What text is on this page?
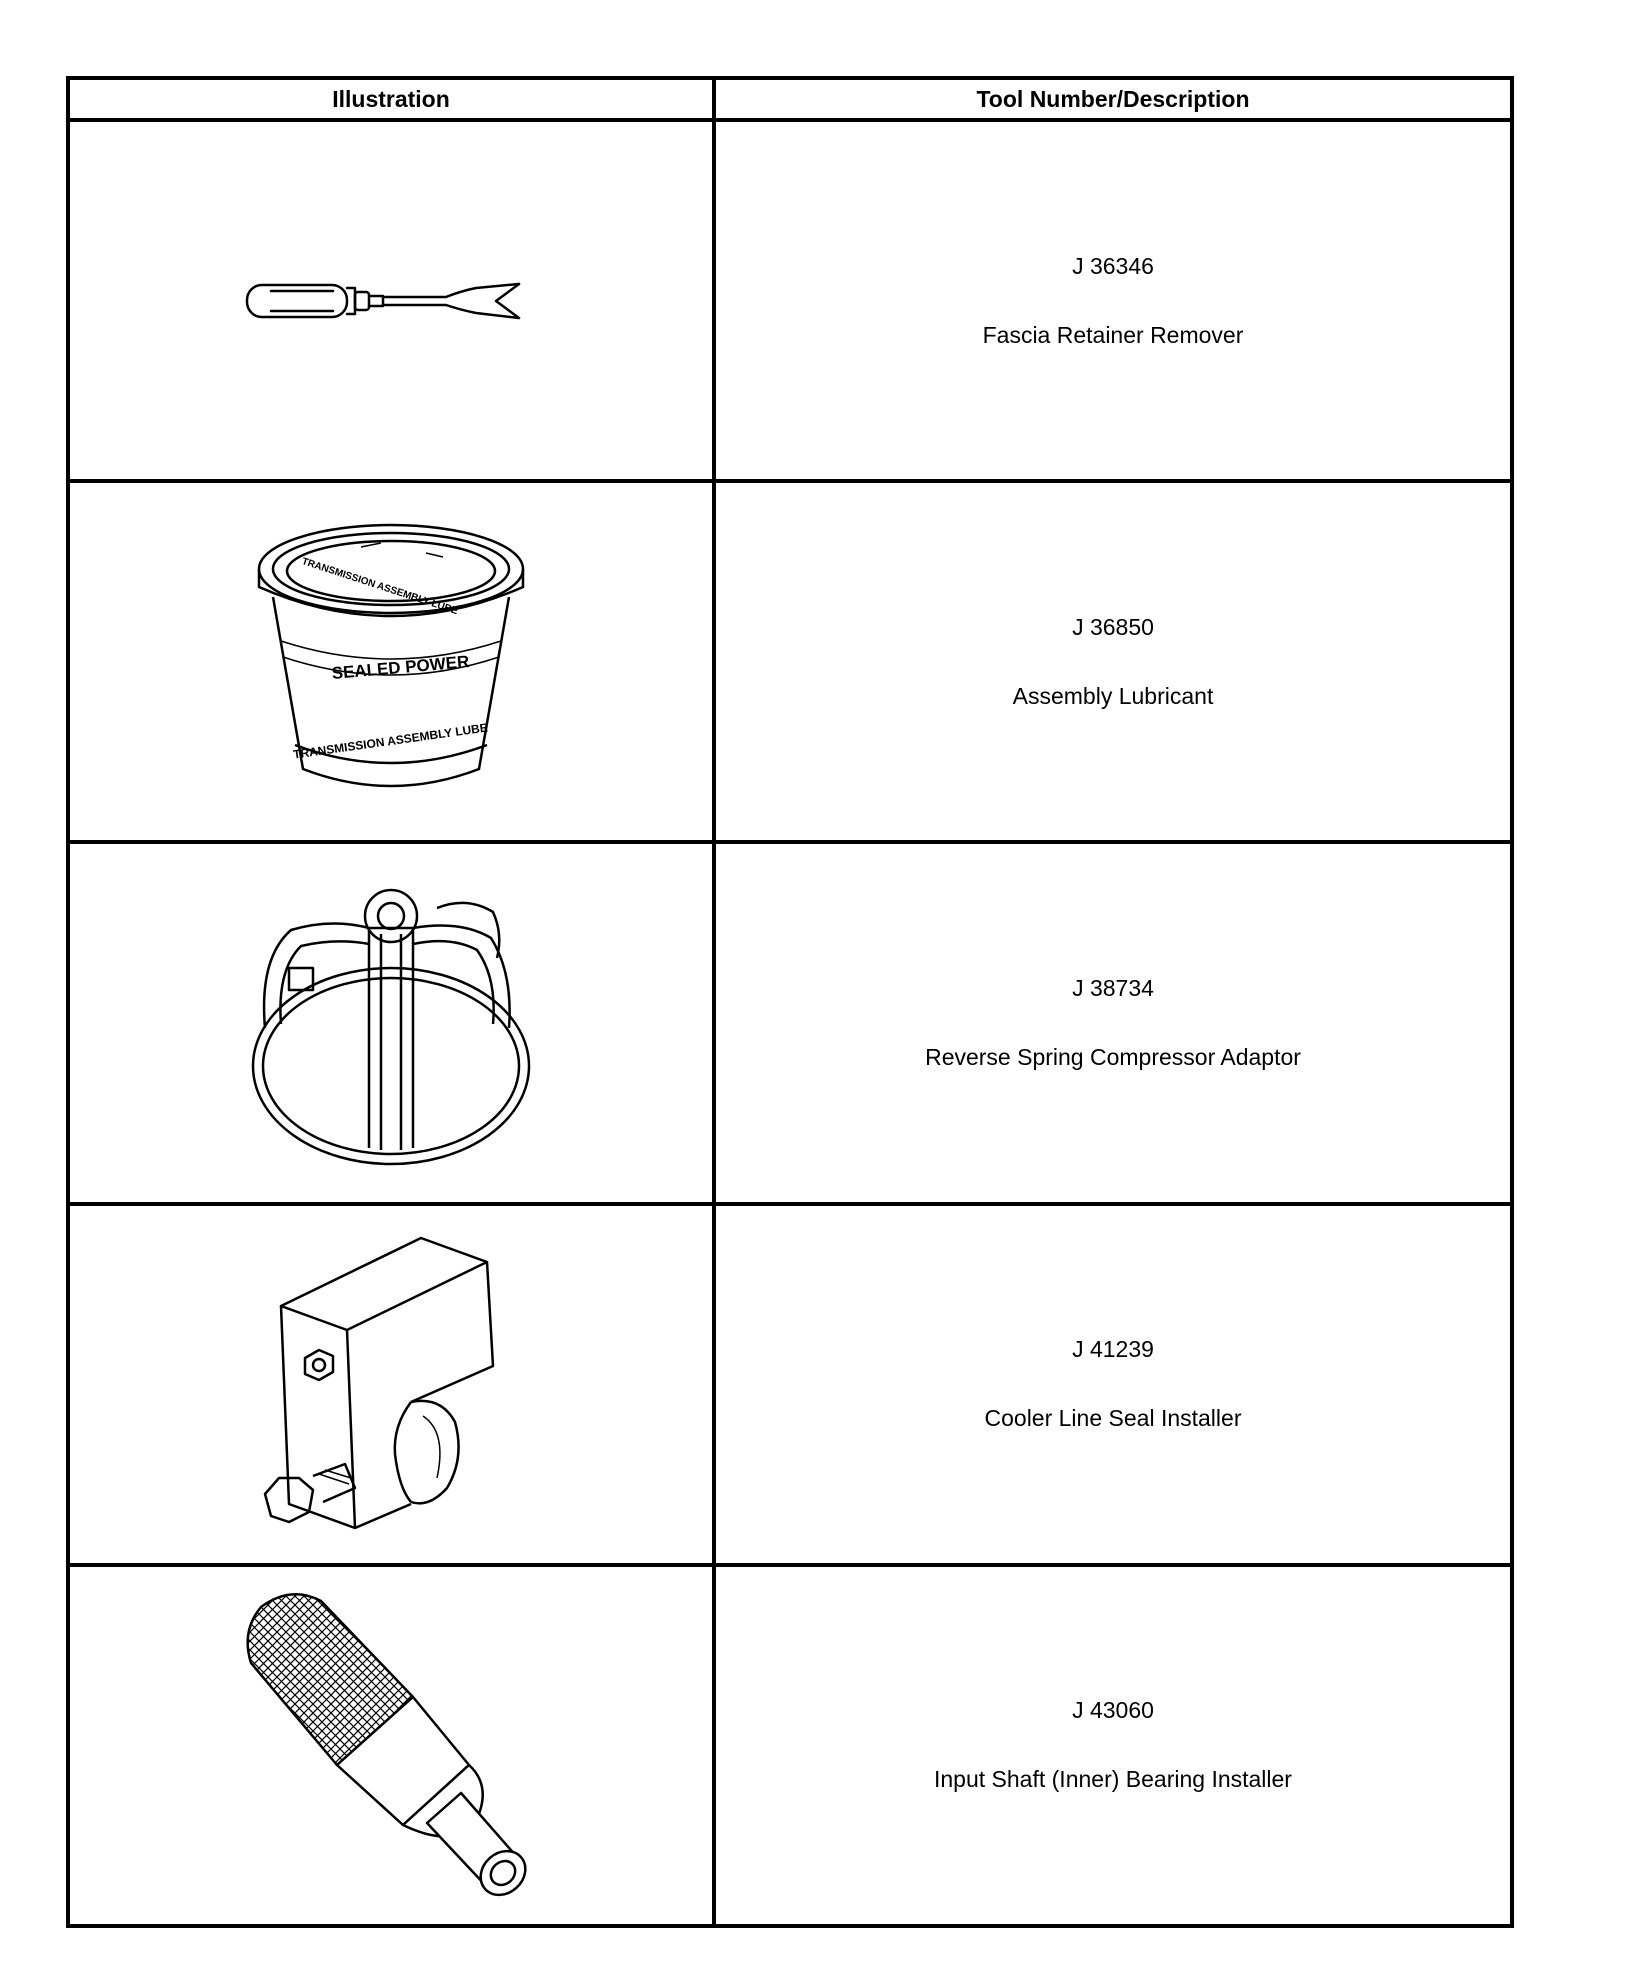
Illustration	Tool Number/Description

J 36346
Fascia Retainer Remover

SEALED POWER
TRANSMISSION ASSEMBLY LUBE
TRANSMISSION ASSEMBLY LUBE	J 36850
Assembly Lubricant

J 38734
Reverse Spring Compressor Adaptor

J 41239
Cooler Line Seal Installer

J 43060
Input Shaft (Inner) Bearing Installer
